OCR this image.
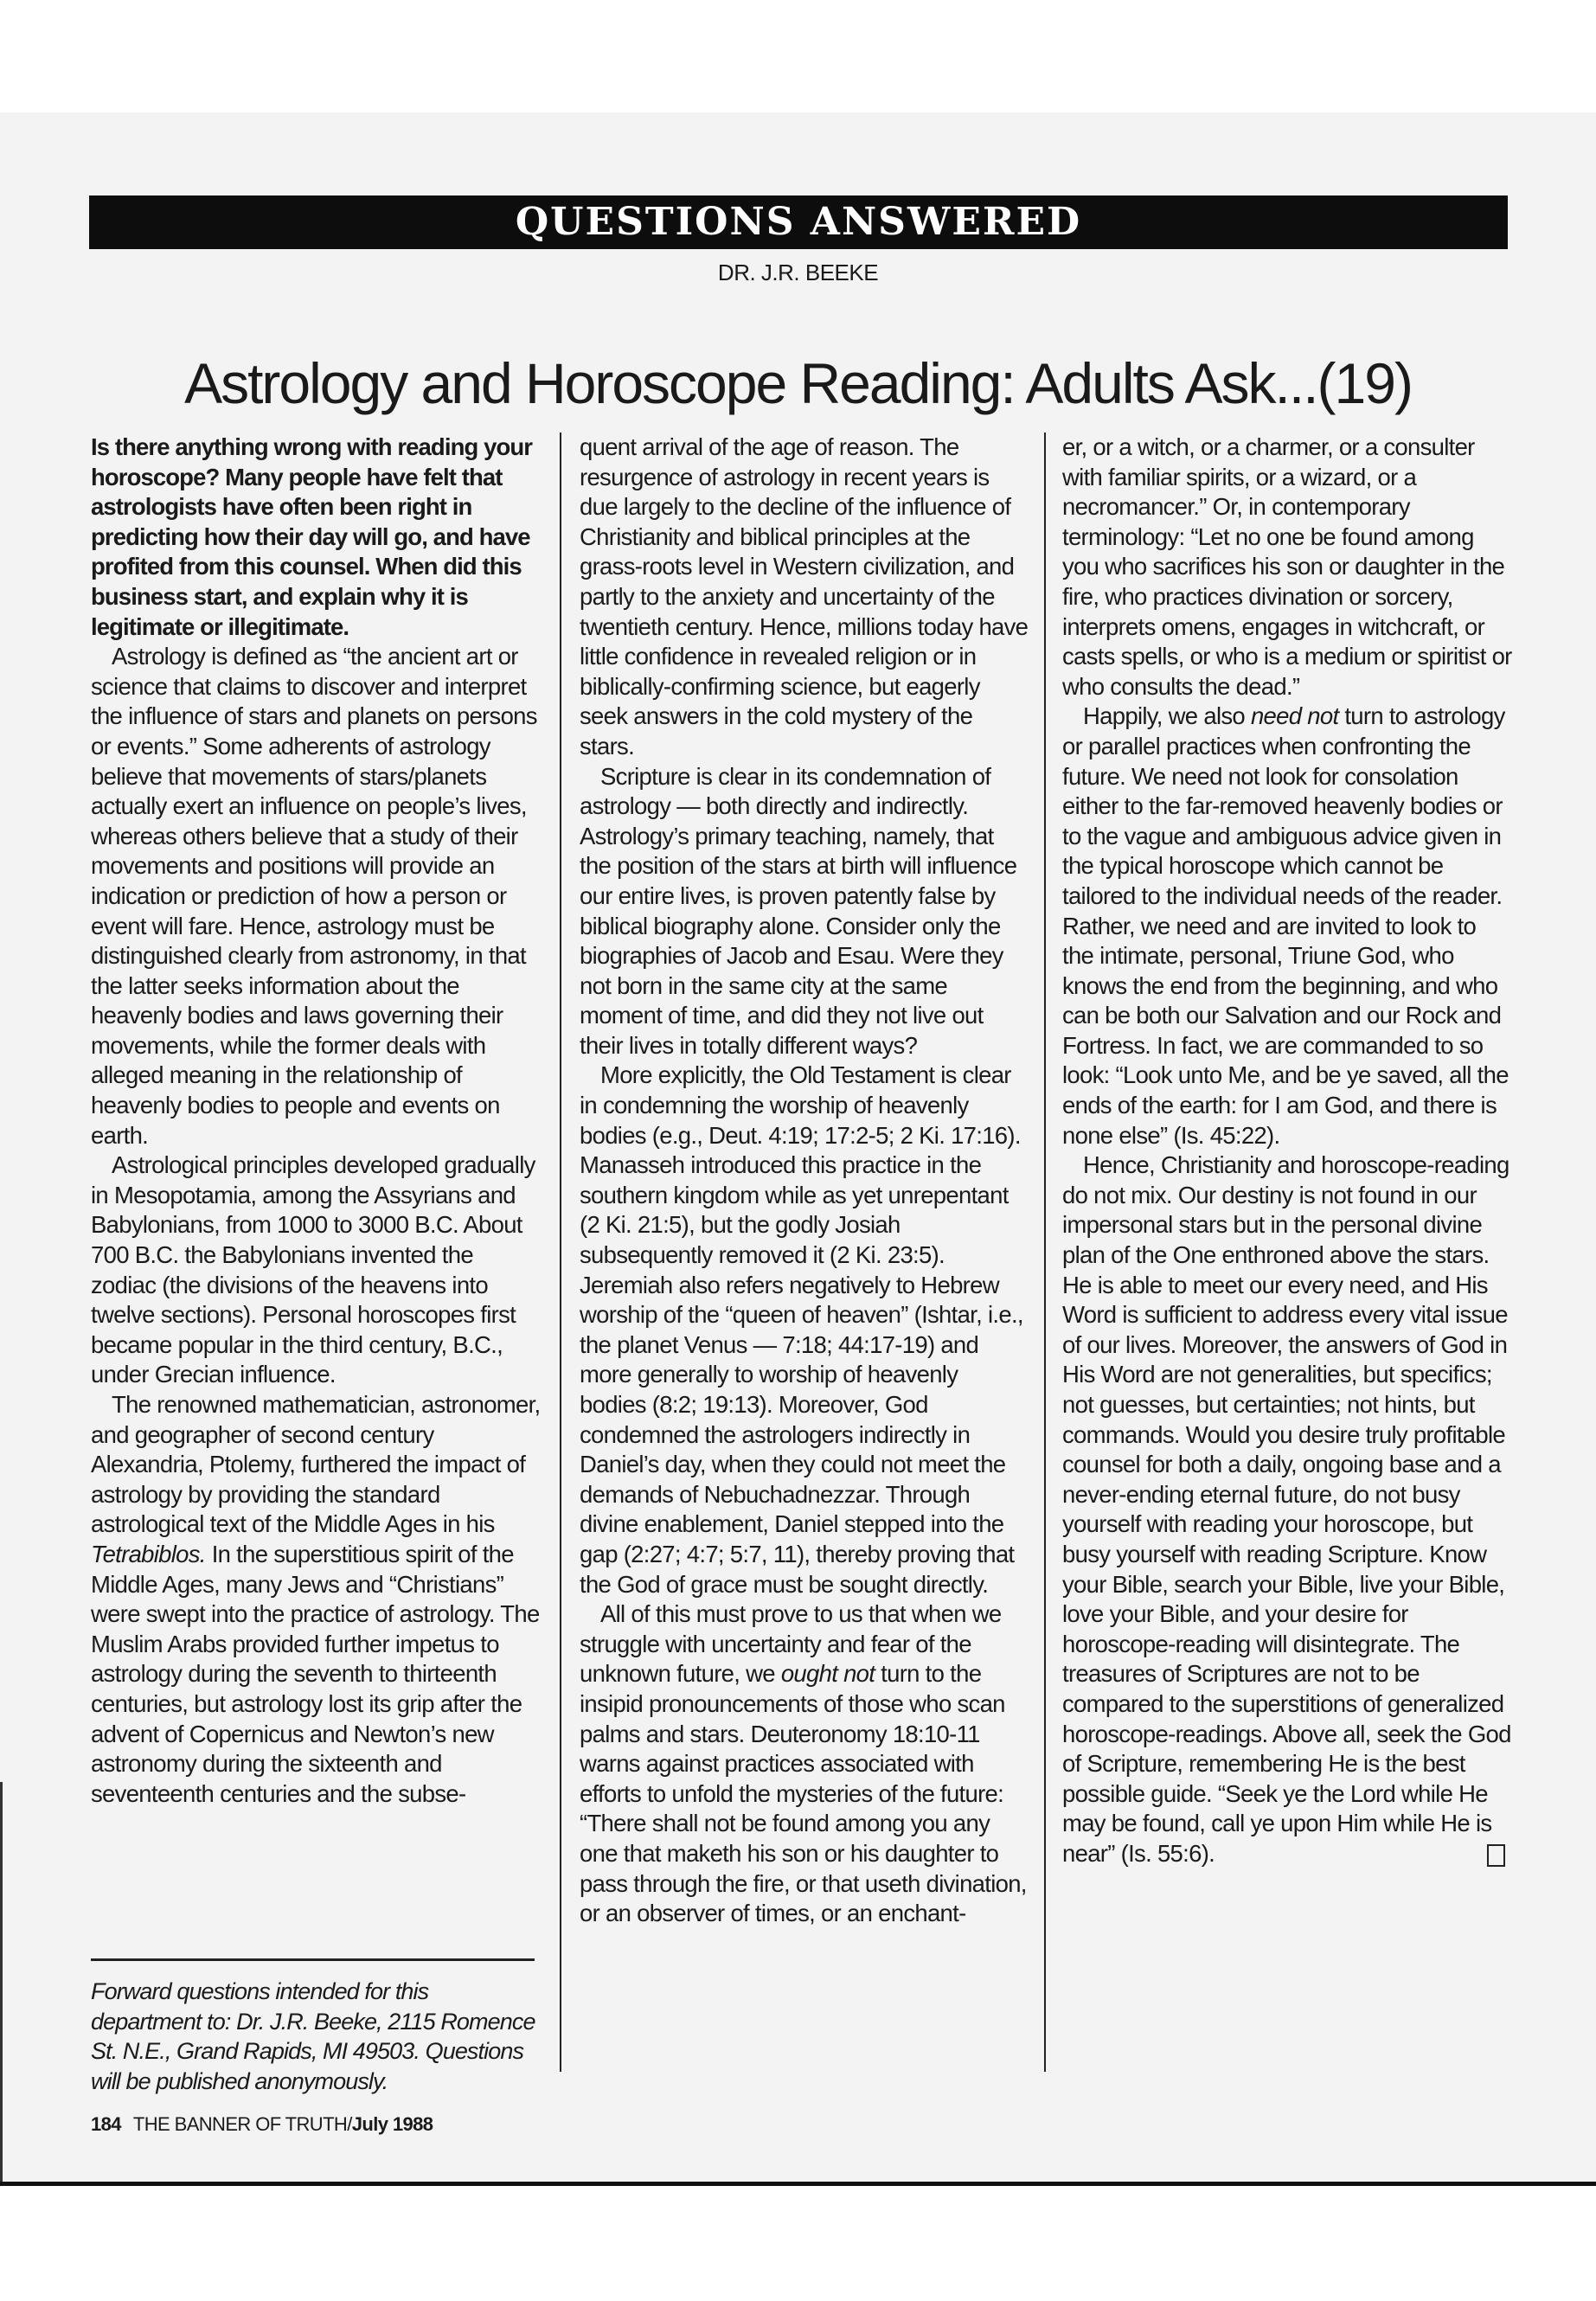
QUESTIONS ANSWERED
DR. J.R. BEEKE
Astrology and Horoscope Reading: Adults Ask...(19)

Is there anything wrong with reading your horoscope? Many people have felt that astrologists have often been right in predicting how their day will go, and have profited from this counsel. When did this business start, and explain why it is legitimate or illegitimate.

Astrology is defined as “the ancient art or science that claims to discover and interpret the influence of stars and planets on persons or events.” Some adherents of astrology believe that movements of stars/planets actually exert an influence on people’s lives, whereas others believe that a study of their movements and positions will provide an indication or prediction of how a person or event will fare. Hence, astrology must be distinguished clearly from astronomy, in that the latter seeks information about the heavenly bodies and laws governing their movements, while the former deals with alleged meaning in the relationship of heavenly bodies to people and events on earth.

Astrological principles developed gradually in Mesopotamia, among the Assyrians and Babylonians, from 1000 to 3000 B.C. About 700 B.C. the Babylonians invented the zodiac (the divisions of the heavens into twelve sections). Personal horoscopes first became popular in the third century, B.C., under Grecian influence.

The renowned mathematician, astronomer, and geographer of second century Alexandria, Ptolemy, furthered the impact of astrology by providing the standard astrological text of the Middle Ages in his Tetrabiblos. In the superstitious spirit of the Middle Ages, many Jews and “Christians” were swept into the practice of astrology. The Muslim Arabs provided further impetus to astrology during the seventh to thirteenth centuries, but astrology lost its grip after the advent of Copernicus and Newton’s new astronomy during the sixteenth and seventeenth centuries and the subse-

quent arrival of the age of reason. The resurgence of astrology in recent years is due largely to the decline of the influence of Christianity and biblical principles at the grass-roots level in Western civilization, and partly to the anxiety and uncertainty of the twentieth century. Hence, millions today have little confidence in revealed religion or in biblically-confirming science, but eagerly seek answers in the cold mystery of the stars.

Scripture is clear in its condemnation of astrology — both directly and indirectly. Astrology’s primary teaching, namely, that the position of the stars at birth will influence our entire lives, is proven patently false by biblical biography alone. Consider only the biographies of Jacob and Esau. Were they not born in the same city at the same moment of time, and did they not live out their lives in totally different ways?

More explicitly, the Old Testament is clear in condemning the worship of heavenly bodies (e.g., Deut. 4:19; 17:2-5; 2 Ki. 17:16). Manasseh introduced this practice in the southern kingdom while as yet unrepentant (2 Ki. 21:5), but the godly Josiah subsequently removed it (2 Ki. 23:5). Jeremiah also refers negatively to Hebrew worship of the “queen of heaven” (Ishtar, i.e., the planet Venus — 7:18; 44:17-19) and more generally to worship of heavenly bodies (8:2; 19:13). Moreover, God condemned the astrologers indirectly in Daniel’s day, when they could not meet the demands of Nebuchadnezzar. Through divine enablement, Daniel stepped into the gap (2:27; 4:7; 5:7, 11), thereby proving that the God of grace must be sought directly.

All of this must prove to us that when we struggle with uncertainty and fear of the unknown future, we ought not turn to the insipid pronouncements of those who scan palms and stars. Deuteronomy 18:10-11 warns against practices associated with efforts to unfold the mysteries of the future: “There shall not be found among you any one that maketh his son or his daughter to pass through the fire, or that useth divination, or an observer of times, or an enchant-

er, or a witch, or a charmer, or a consulter with familiar spirits, or a wizard, or a necromancer.” Or, in contemporary terminology: “Let no one be found among you who sacrifices his son or daughter in the fire, who practices divination or sorcery, interprets omens, engages in witchcraft, or casts spells, or who is a medium or spiritist or who consults the dead.”

Happily, we also need not turn to astrology or parallel practices when confronting the future. We need not look for consolation either to the far-removed heavenly bodies or to the vague and ambiguous advice given in the typical horoscope which cannot be tailored to the individual needs of the reader. Rather, we need and are invited to look to the intimate, personal, Triune God, who knows the end from the beginning, and who can be both our Salvation and our Rock and Fortress. In fact, we are commanded to so look: “Look unto Me, and be ye saved, all the ends of the earth: for I am God, and there is none else” (Is. 45:22).

Hence, Christianity and horoscope-reading do not mix. Our destiny is not found in our impersonal stars but in the personal divine plan of the One enthroned above the stars. He is able to meet our every need, and His Word is sufficient to address every vital issue of our lives. Moreover, the answers of God in His Word are not generalities, but specifics; not guesses, but certainties; not hints, but commands. Would you desire truly profitable counsel for both a daily, ongoing base and a never-ending eternal future, do not busy yourself with reading your horoscope, but busy yourself with reading Scripture. Know your Bible, search your Bible, live your Bible, love your Bible, and your desire for horoscope-reading will disintegrate. The treasures of Scriptures are not to be compared to the superstitions of generalized horoscope-readings. Above all, seek the God of Scripture, remembering He is the best possible guide. “Seek ye the Lord while He may be found, call ye upon Him while He is near” (Is. 55:6).

Forward questions intended for this department to: Dr. J.R. Beeke, 2115 Romence St. N.E., Grand Rapids, MI 49503. Questions will be published anonymously.
184 THE BANNER OF TRUTH/July 1988
